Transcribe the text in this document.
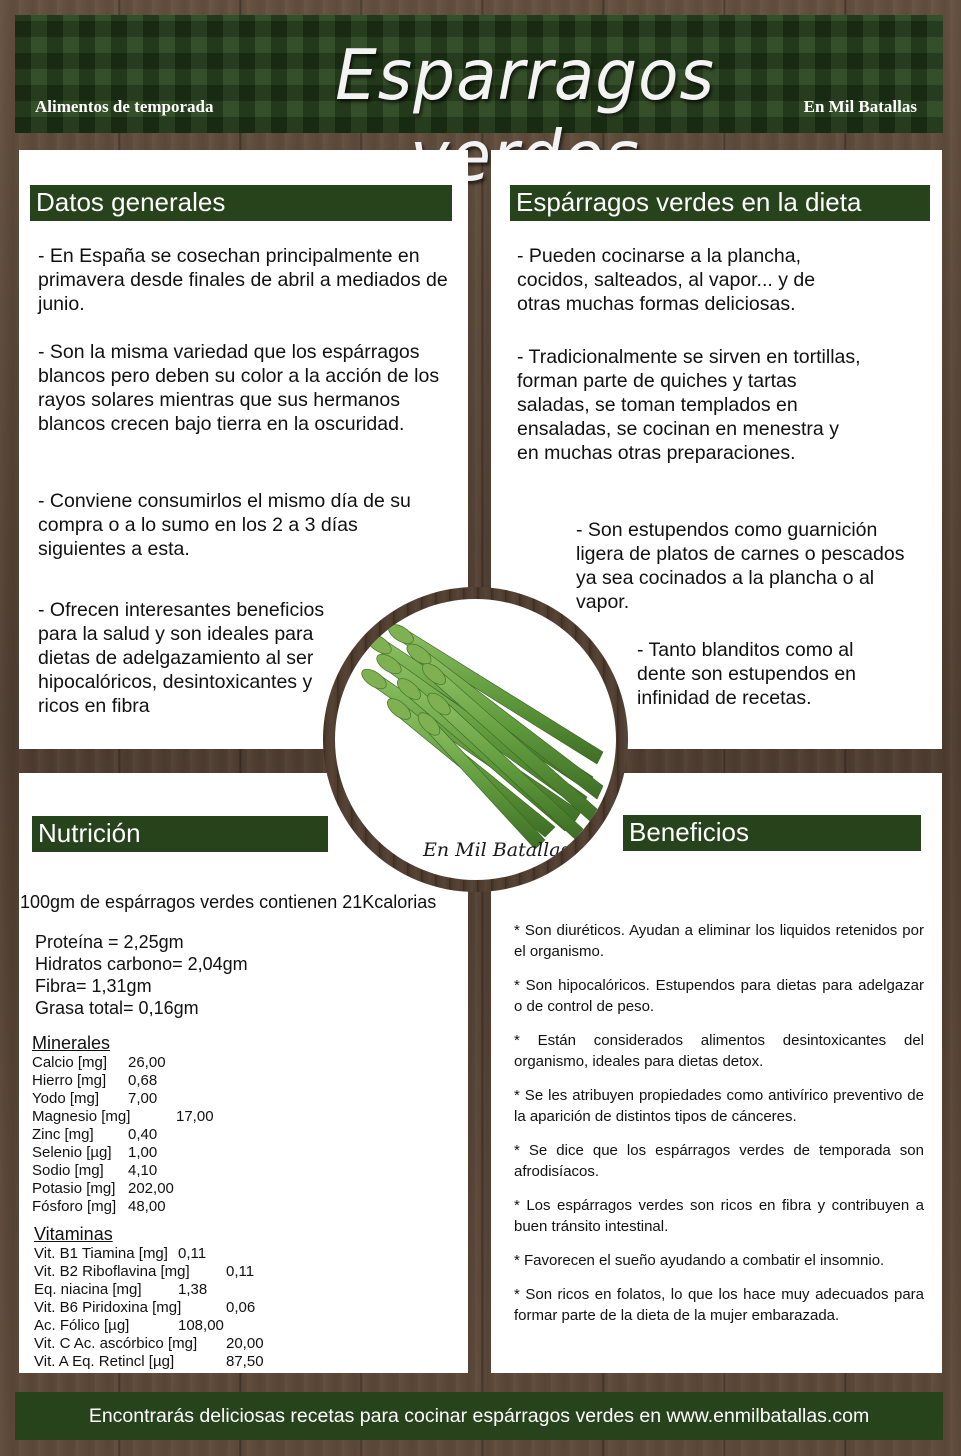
Alimentos de temporada	Esparragos	En Mil Batallas
Datos generales
- En España se cosechan principalmente en primavera desde finales de abril a mediados de junio.
- Son la misma variedad que los espárragos blancos pero deben su color a la acción de los rayos solares mientras que sus hermanos blancos crecen bajo tierra en la oscuridad.
- Conviene consumirlos el mismo día de su compra o a lo sumo en los 2 a 3 días siguientes a esta.
- Ofrecen interesantes beneficios para la salud y son ideales para dietas de adelgazamiento al ser hipocalóricos, desintoxicantes y ricos en fibra
Espárragos verdes en la dieta
- Pueden cocinarse a la plancha, cocidos, salteados, al vapor... y de otras muchas formas deliciosas.
- Tradicionalmente se sirven en tortillas, forman parte de quiches y tartas saladas, se toman templados en ensaladas, se cocinan en menestra y en muchas otras preparaciones.
- Son estupendos como guarnición ligera de platos de carnes o pescados ya sea cocinados a la plancha o al vapor.
- Tanto blanditos como al dente son estupendos en infinidad de recetas.
Nutrición
100gm de espárragos verdes contienen 21Kcalorias
Proteína = 2,25gm
Hidratos carbono= 2,04gm
Fibra= 1,31gm
Grasa total= 0,16gm
Minerales
Calcio [mg] 26,00
Hierro [mg] 0,68
Yodo [mg] 7,00
Magnesio [mg]	17,00
Zinc [mg] 0,40
Selenio [µg] 1,00
Sodio [mg] 4,10
Potasio [mg] 202,00
Fósforo [mg] 48,00
Vitaminas
Vit. B1 Tiamina [mg] 0,11
Vit. B2 Riboflavina [mg] 0,11
Eq. niacina [mg] 1,38
Vit. B6 Piridoxina [mg]	0,06
Ac. Fólico [µg]	108,00
Vit. C Ac. ascórbico [mg] 20,00
Vit. A Eq. Retincl [µg]	87,50
Beneficios
* Son diuréticos. Ayudan a eliminar los liquidos retenidos por el organismo.
* Son hipocalóricos. Estupendos para dietas para adelgazar o de control de peso.
* Están considerados alimentos desintoxicantes del organismo, ideales para dietas detox.
* Se les atribuyen propiedades como antivírico preventivo de la aparición de distintos tipos de cánceres.
* Se dice que los espárragos verdes de temporada son afrodisíacos.
* Los espárragos verdes son ricos en fibra y contribuyen a buen tránsito intestinal.
* Favorecen el sueño ayudando a combatir el insomnio.
* Son ricos en folatos, lo que los hace muy adecuados para formar parte de la dieta de la mujer embarazada.
En Mil Batallas
Encontrarás deliciosas recetas para cocinar espárragos verdes en www.enmilbatallas.com
